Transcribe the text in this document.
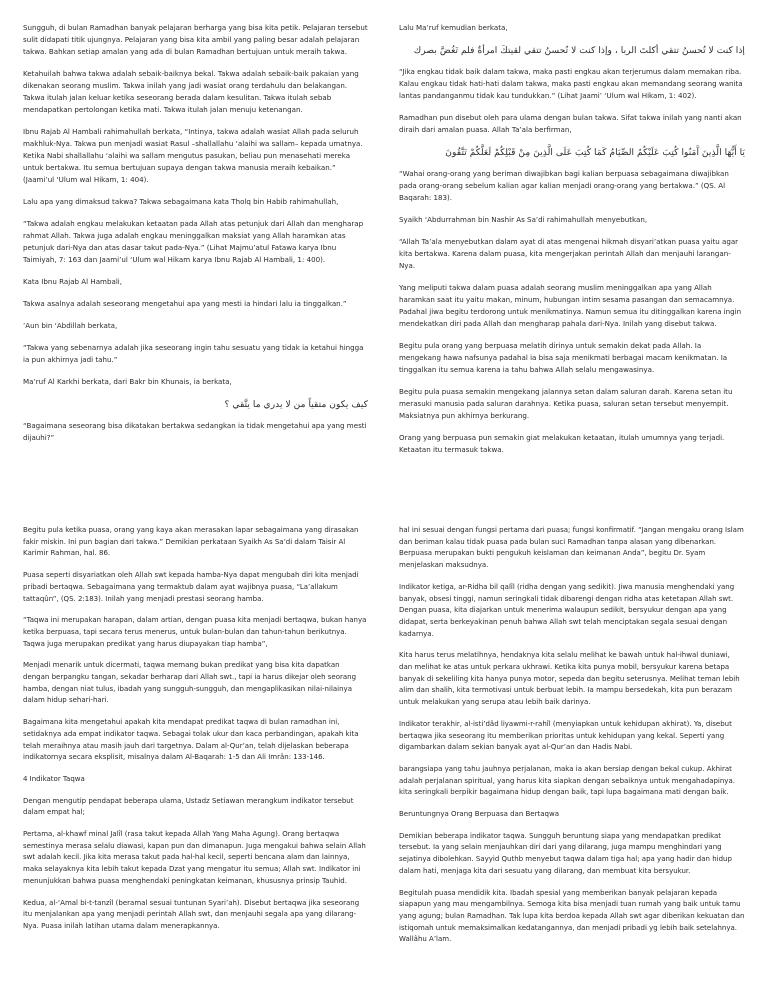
Sungguh, di bulan Ramadhan banyak pelajaran berharga yang bisa kita petik. Pelajaran tersebut sulit didapati titik ujungnya. Pelajaran yang bisa kita ambil yang paling besar adalah pelajaran takwa. Bahkan setiap amalan yang ada di bulan Ramadhan bertujuan untuk meraih takwa.

Ketahuilah bahwa takwa adalah sebaik-baiknya bekal. Takwa adalah sebaik-baik pakaian yang dikenakan seorang muslim. Takwa inilah yang jadi wasiat orang terdahulu dan belakangan. Takwa itulah jalan keluar ketika seseorang berada dalam kesulitan. Takwa itulah sebab mendapatkan pertolongan ketika mati. Takwa itulah jalan menuju ketenangan.

Ibnu Rajab Al Hambali rahimahullah berkata, “Intinya, takwa adalah wasiat Allah pada seluruh makhluk-Nya. Takwa pun menjadi wasiat Rasul –shallallahu ‘alaihi wa sallam– kepada umatnya. Ketika Nabi shallallahu ‘alaihi wa sallam mengutus pasukan, beliau pun menasehati mereka untuk bertakwa. Itu semua bertujuan supaya dengan takwa manusia meraih kebaikan.” (Jaami’ul ‘Ulum wal Hikam, 1: 404).

Lalu apa yang dimaksud takwa? Takwa sebagaimana kata Tholq bin Habib rahimahullah,

“Takwa adalah engkau melakukan ketaatan pada Allah atas petunjuk dari Allah dan mengharap rahmat Allah. Takwa juga adalah engkau meninggalkan maksiat yang Allah haramkan atas petunjuk dari-Nya dan atas dasar takut pada-Nya.” (Lihat Majmu’atul Fatawa karya Ibnu Taimiyah, 7: 163 dan Jaami’ul ‘Ulum wal Hikam karya Ibnu Rajab Al Hambali, 1: 400).

Kata Ibnu Rajab Al Hambali,

Takwa asalnya adalah seseorang mengetahui apa yang mesti ia hindari lalu ia tinggalkan.”

’Aun bin ‘Abdillah berkata,

“Takwa yang sebenarnya adalah jika seseorang ingin tahu sesuatu yang tidak ia ketahui hingga ia pun akhirnya jadi tahu.”

Ma’ruf Al Karkhi berkata, dari Bakr bin Khunais, ia berkata,

كيف يكون متقياً من لا يدري ما يتَّقي ؟

“Bagaimana seseorang bisa dikatakan bertakwa sedangkan ia tidak mengetahui apa yang mesti dijauhi?”

Lalu Ma’ruf kemudian berkata,

إذا كنت لا تُحسنُ تتقي أكلتَ الربا ، وإذا كنت لا تُحسنُ تتقي لقيتكَ امرأةٌ فلم تَغُضَّ بصرك

“Jika engkau tidak baik dalam takwa, maka pasti engkau akan terjerumus dalam memakan riba. Kalau engkau tidak hati-hati dalam takwa, maka pasti engkau akan memandang seorang wanita lantas pandanganmu tidak kau tundukkan.” (Lihat Jaami’ ‘Ulum wal Hikam, 1: 402).

Ramadhan pun disebut oleh para ulama dengan bulan takwa. Sifat takwa inilah yang nanti akan diraih dari amalan puasa. Allah Ta’ala berfirman,

يَا أَيُّهَا الَّذِينَ آَمَنُوا كُتِبَ عَلَيْكُمُ الصِّيَامُ كَمَا كُتِبَ عَلَى الَّذِينَ مِنْ قَبْلِكُمْ لَعَلَّكُمْ تَتَّقُونَ

“Wahai orang-orang yang beriman diwajibkan bagi kalian berpuasa sebagaimana diwajibkan pada orang-orang sebelum kalian agar kalian menjadi orang-orang yang bertakwa.” (QS. Al Baqarah: 183).

Syaikh ‘Abdurrahman bin Nashir As Sa’di rahimahullah menyebutkan,

“Allah Ta’ala menyebutkan dalam ayat di atas mengenai hikmah disyari’atkan puasa yaitu agar kita bertakwa. Karena dalam puasa, kita mengerjakan perintah Allah dan menjauhi larangan-Nya.

Yang meliputi takwa dalam puasa adalah seorang muslim meninggalkan apa yang Allah haramkan saat itu yaitu makan, minum, hubungan intim sesama pasangan dan semacamnya. Padahal jiwa begitu terdorong untuk menikmatinya. Namun semua itu ditinggalkan karena ingin mendekatkan diri pada Allah dan mengharap pahala dari-Nya. Inilah yang disebut takwa.

Begitu pula orang yang berpuasa melatih dirinya untuk semakin dekat pada Allah. Ia mengekang hawa nafsunya padahal ia bisa saja menikmati berbagai macam kenikmatan. Ia tinggalkan itu semua karena ia tahu bahwa Allah selalu mengawasinya.

Begitu pula puasa semakin mengekang jalannya setan dalam saluran darah. Karena setan itu merasuki manusia pada saluran darahnya. Ketika puasa, saluran setan tersebut menyempit. Maksiatnya pun akhirnya berkurang.

Orang yang berpuasa pun semakin giat melakukan ketaatan, itulah umumnya yang terjadi. Ketaatan itu termasuk takwa.

Begitu pula ketika puasa, orang yang kaya akan merasakan lapar sebagaimana yang dirasakan fakir miskin. Ini pun bagian dari takwa.” Demikian perkataan Syaikh As Sa’di dalam Taisir Al Karimir Rahman, hal. 86.

Puasa seperti disyariatkan oleh Allah swt kepada hamba-Nya dapat mengubah diri kita menjadi pribadi bertaqwa. Sebagaimana yang termaktub dalam ayat wajibnya puasa, “La’allakum tattaqûn”, (QS. 2:183). Inilah yang menjadi prestasi seorang hamba.

“Taqwa ini merupakan harapan, dalam artian, dengan puasa kita menjadi bertaqwa, bukan hanya ketika berpuasa, tapi secara terus menerus, untuk bulan-bulan dan tahun-tahun berikutnya. Taqwa juga merupakan predikat yang harus diupayakan tiap hamba”,

Menjadi menarik untuk dicermati, taqwa memang bukan predikat yang bisa kita dapatkan dengan berpangku tangan, sekadar berharap dari Allah swt., tapi ia harus dikejar oleh seorang hamba, dengan niat tulus, ibadah yang sungguh-sungguh, dan mengaplikasikan nilai-nilainya dalam hidup sehari-hari.

Bagaimana kita mengetahui apakah kita mendapat predikat taqwa di bulan ramadhan ini, setidaknya ada empat indikator taqwa. Sebagai tolak ukur dan kaca perbandingan, apakah kita telah meraihnya atau masih jauh dari targetnya. Dalam al-Qur’an, telah dijelaskan beberapa indikatornya secara eksplisit, misalnya dalam Al-Baqarah: 1-5 dan Ali Imrân: 133-146.

4 Indikator Taqwa

Dengan mengutip pendapat beberapa ulama, Ustadz Setiawan merangkum indikator tersebut dalam empat hal;

Pertama, al-khawf minal Jalîl (rasa takut kepada Allah Yang Maha Agung). Orang bertaqwa semestinya merasa selalu diawasi, kapan pun dan dimanapun. Juga mengakui bahwa selain Allah swt adalah kecil. Jika kita merasa takut pada hal-hal kecil, seperti bencana alam dan lainnya, maka selayaknya kita lebih takut kepada Dzat yang mengatur itu semua; Allah swt. Indikator ini menunjukkan bahwa puasa menghendaki peningkatan keimanan, khususnya prinsip Tauhid.

Kedua, al-‘Amal bi-t-tanzîl (beramal sesuai tuntunan Syari’ah). Disebut bertaqwa jika seseorang itu menjalankan apa yang menjadi perintah Allah swt, dan menjauhi segala apa yang dilarang-Nya. Puasa inilah latihan utama dalam menerapkannya.

hal ini sesuai dengan fungsi pertama dari puasa; fungsi konfirmatif. “Jangan mengaku orang Islam dan beriman kalau tidak puasa pada bulan suci Ramadhan tanpa alasan yang dibenarkan. Berpuasa merupakan bukti pengukuh keislaman dan keimanan Anda”, begitu Dr. Syam menjelaskan maksudnya.

Indikator ketiga, ar-Ridha bil qalîl (ridha dengan yang sedikit). Jiwa manusia menghendaki yang banyak, obsesi tinggi, namun seringkali tidak dibarengi dengan ridha atas ketetapan Allah swt. Dengan puasa, kita diajarkan untuk menerima walaupun sedikit, bersyukur dengan apa yang didapat, serta berkeyakinan penuh bahwa Allah swt telah menciptakan segala sesuai dengan kadarnya.

Kita harus terus melatihnya, hendaknya kita selalu melihat ke bawah untuk hal-ihwal duniawi, dan melihat ke atas untuk perkara ukhrawi. Ketika kita punya mobil, bersyukur karena betapa banyak di sekeliling kita hanya punya motor, sepeda dan begitu seterusnya. Melihat teman lebih alim dan shalih, kita termotivasi untuk berbuat lebih. Ia mampu bersedekah, kita pun berazam untuk melakukan yang serupa atau lebih baik darinya.

Indikator terakhir, al-isti’dâd liyawmi-r-rahîl (menyiapkan untuk kehidupan akhirat). Ya, disebut bertaqwa jika seseorang itu memberikan prioritas untuk kehidupan yang kekal. Seperti yang digambarkan dalam sekian banyak ayat al-Qur’an dan Hadis Nabi.

barangsiapa yang tahu jauhnya perjalanan, maka ia akan bersiap dengan bekal cukup. Akhirat adalah perjalanan spiritual, yang harus kita siapkan dengan sebaiknya untuk mengahadapinya. kita seringkali berpikir bagaimana hidup dengan baik, tapi lupa bagaimana mati dengan baik.

Beruntungnya Orang Berpuasa dan Bertaqwa

Demikian beberapa indikator taqwa. Sungguh beruntung siapa yang mendapatkan predikat tersebut. Ia yang selain menjauhkan diri dari yang dilarang, juga mampu menghindari yang sejatinya dibolehkan. Sayyid Quthb menyebut taqwa dalam tiga hal; apa yang hadir dan hidup dalam hati, menjaga kita dari sesuatu yang dilarang, dan membuat kita bersyukur.

Begitulah puasa mendidik kita. Ibadah spesial yang memberikan banyak pelajaran kepada siapapun yang mau mengambilnya. Semoga kita bisa menjadi tuan rumah yang baik untuk tamu yang agung; bulan Ramadhan. Tak lupa kita berdoa kepada Allah swt agar diberikan kekuatan dan istiqomah untuk memaksimalkan kedatangannya, dan menjadi pribadi yg lebih baik setelahnya. Wallâhu A’lam.
